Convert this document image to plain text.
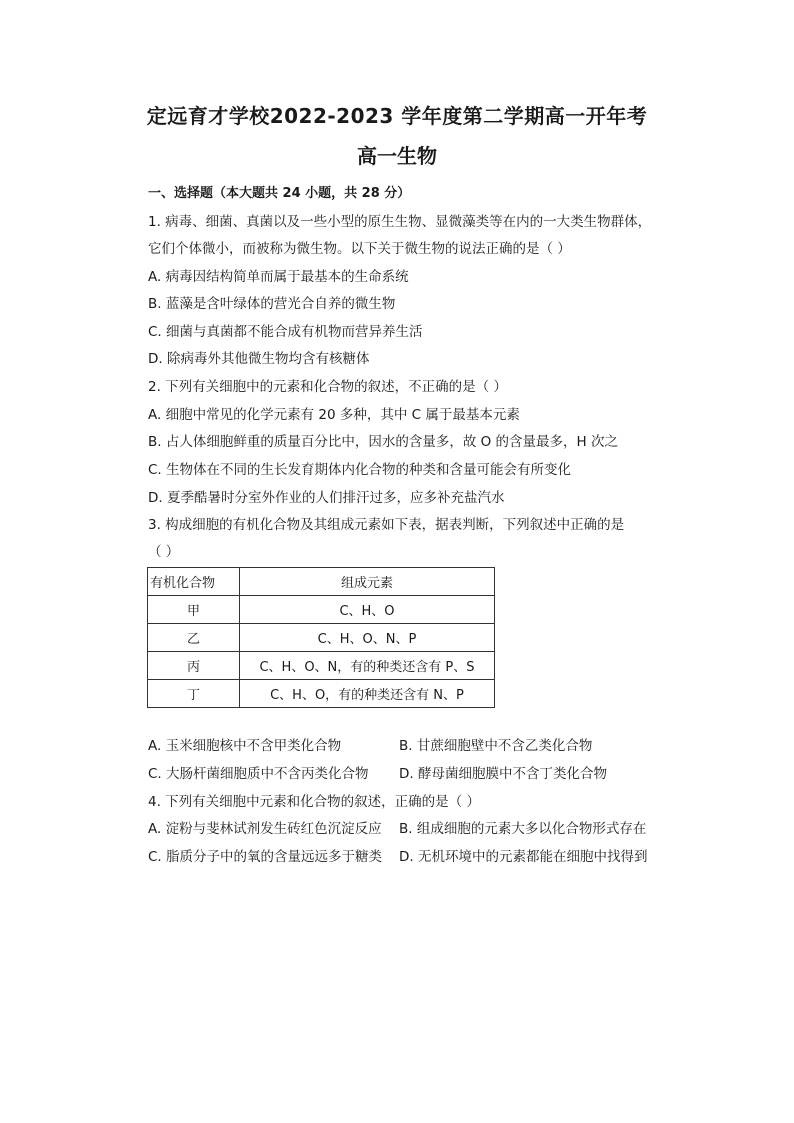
定远育才学校2022-2023 学年度第二学期高一开年考
高一生物
一、选择题（本大题共 24 小题，共 28 分）
1. 病毒、细菌、真菌以及一些小型的原生生物、显微藻类等在内的一大类生物群体，
它们个体微小，而被称为微生物。以下关于微生物的说法正确的是（ ）
A. 病毒因结构简单而属于最基本的生命系统
B. 蓝藻是含叶绿体的营光合自养的微生物
C. 细菌与真菌都不能合成有机物而营异养生活
D. 除病毒外其他微生物均含有核糖体
2. 下列有关细胞中的元素和化合物的叙述，不正确的是（ ）
A. 细胞中常见的化学元素有 20 多种，其中 C 属于最基本元素
B. 占人体细胞鲜重的质量百分比中，因水的含量多，故 O 的含量最多，H 次之
C. 生物体在不同的生长发育期体内化合物的种类和含量可能会有所变化
D. 夏季酷暑时分室外作业的人们排汗过多，应多补充盐汽水
3. 构成细胞的有机化合物及其组成元素如下表，据表判断，下列叙述中正确的是
（ ）
有机化合物	组成元素
甲	C、H、O
乙	C、H、O、N、P
丙	C、H、O、N，有的种类还含有 P、S
丁	C、H、O，有的种类还含有 N、P
A. 玉米细胞核中不含甲类化合物	B. 甘蔗细胞壁中不含乙类化合物
C. 大肠杆菌细胞质中不含丙类化合物 D. 酵母菌细胞膜中不含丁类化合物
4. 下列有关细胞中元素和化合物的叙述，正确的是（ ）
A. 淀粉与斐林试剂发生砖红色沉淀反应 B. 组成细胞的元素大多以化合物形式存在
C. 脂质分子中的氧的含量远远多于糖类 D. 无机环境中的元素都能在细胞中找得到
